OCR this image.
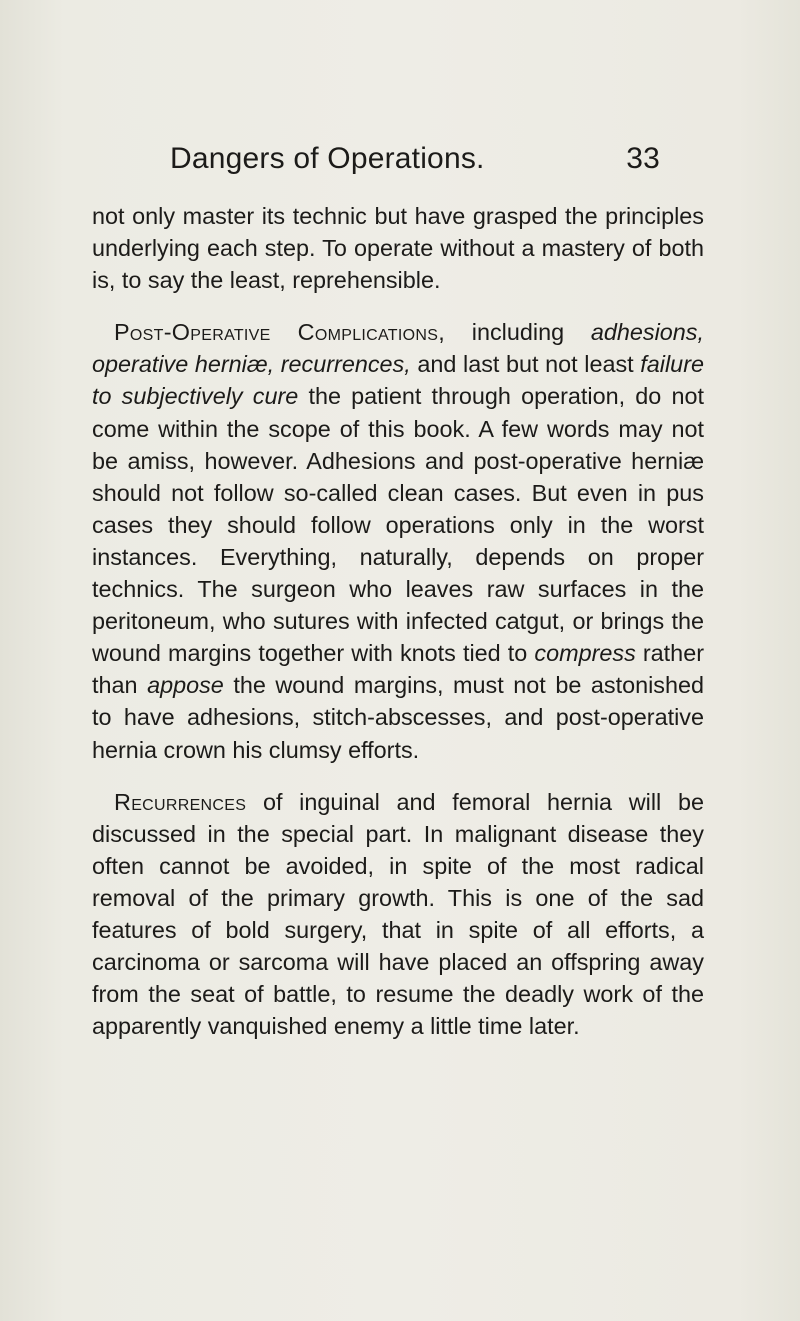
Dangers of Operations.	33

not only master its technic but have grasped the principles underlying each step. To operate without a mastery of both is, to say the least, reprehensible.

Post-Operative Complications, including adhesions, operative herniæ, recurrences, and last but not least failure to subjectively cure the patient through operation, do not come within the scope of this book. A few words may not be amiss, however. Adhesions and post-operative herniæ should not follow so-called clean cases. But even in pus cases they should follow operations only in the worst instances. Everything, naturally, depends on proper technics. The surgeon who leaves raw surfaces in the peritoneum, who sutures with infected catgut, or brings the wound margins together with knots tied to compress rather than appose the wound margins, must not be astonished to have adhesions, stitch-abscesses, and post-operative hernia crown his clumsy efforts.

Recurrences of inguinal and femoral hernia will be discussed in the special part. In malignant disease they often cannot be avoided, in spite of the most radical removal of the primary growth. This is one of the sad features of bold surgery, that in spite of all efforts, a carcinoma or sarcoma will have placed an offspring away from the seat of battle, to resume the deadly work of the apparently vanquished enemy a little time later.
